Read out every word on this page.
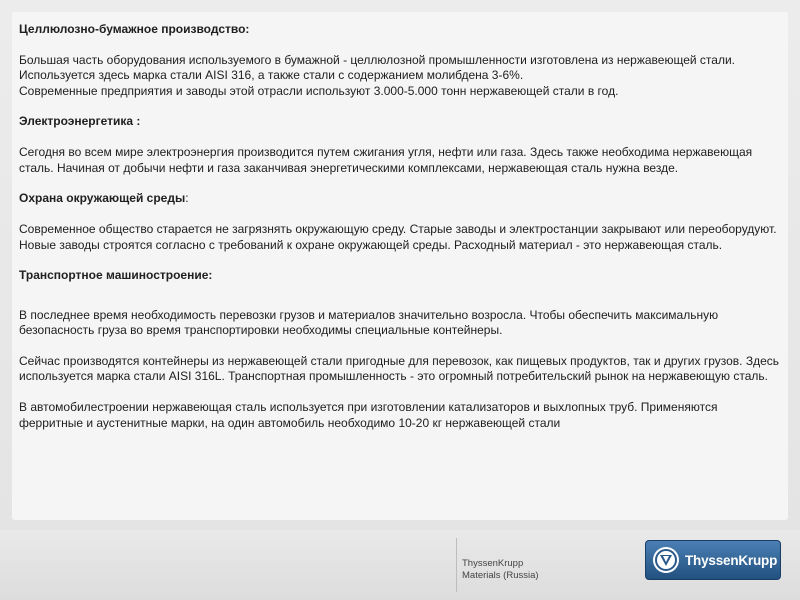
Целлюлозно-бумажное производство:

Большая часть оборудования используемого в бумажной - целлюлозной промышленности изготовлена из нержавеющей стали. Используется здесь марка стали AISI 316, а также стали с содержанием молибдена 3-6%.

Современные предприятия и заводы этой отрасли используют 3.000-5.000 тонн нержавеющей стали в год.

Электроэнергетика :

Сегодня во всем мире электроэнергия производится путем сжигания угля, нефти или газа. Здесь также необходима нержавеющая сталь. Начиная от добычи нефти и газа заканчивая энергетическими комплексами, нержавеющая сталь нужна везде.

Охрана окружающей среды:

Современное общество старается не загрязнять окружающую среду. Старые заводы и электростанции закрывают или переоборудуют. Новые заводы строятся согласно с требований к охране окружающей среды. Расходный материал - это нержавеющая сталь.

Транспортное машиностроение:

В последнее время необходимость перевозки грузов и материалов значительно возросла. Чтобы обеспечить максимальную безопасность груза во время транспортировки необходимы специальные контейнеры.

Сейчас производятся контейнеры из нержавеющей стали пригодные для перевозок, как пищевых продуктов, так и других грузов. Здесь используется марка стали AISI 316L. Транспортная промышленность - это огромный потребительский рынок на нержавеющую сталь.

В автомобилестроении нержавеющая сталь используется при изготовлении катализаторов и выхлопных труб. Применяются ферритные и аустенитные марки, на один автомобиль необходимо 10-20 кг нержавеющей стали

ThyssenKrupp
Materials (Russia)
ThyssenKrupp
